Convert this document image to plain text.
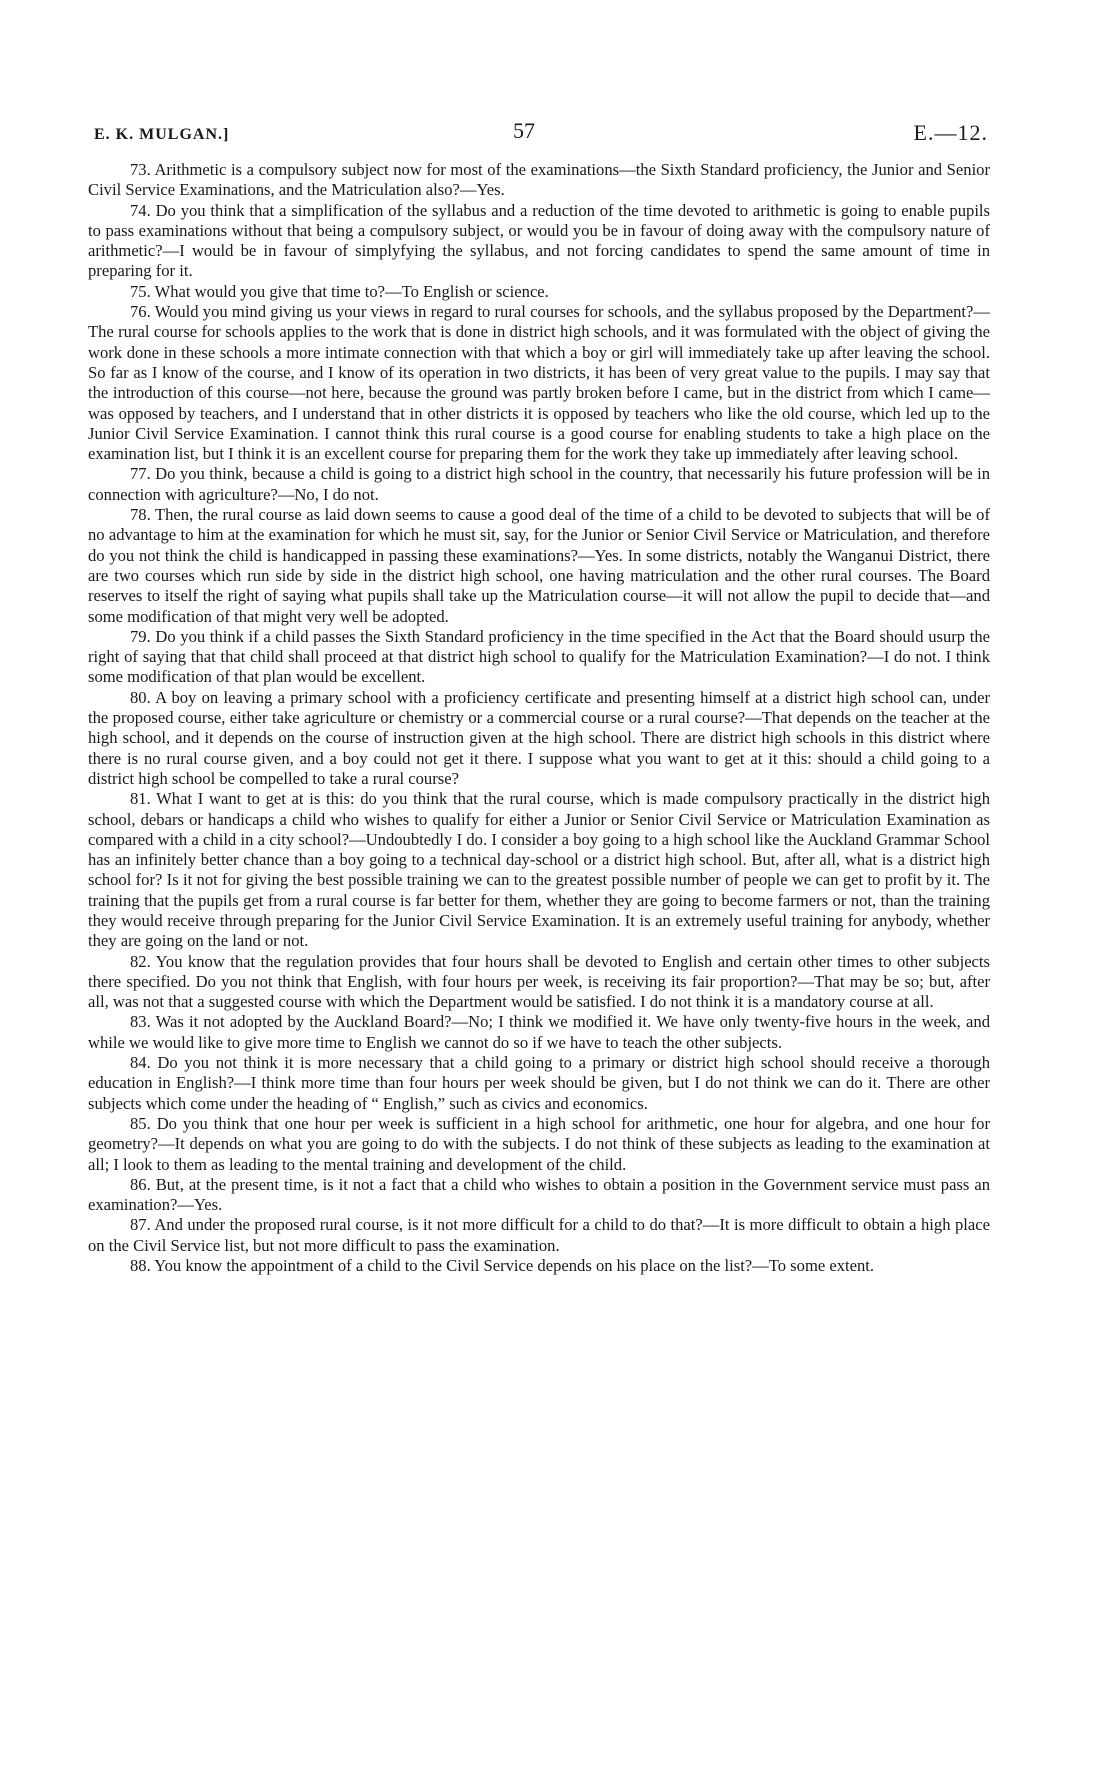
E. K. MULGAN.]	57	E.—12.

73. Arithmetic is a compulsory subject now for most of the examinations—the Sixth Standard proficiency, the Junior and Senior Civil Service Examinations, and the Matriculation also?—Yes.

74. Do you think that a simplification of the syllabus and a reduction of the time devoted to arithmetic is going to enable pupils to pass examinations without that being a compulsory subject, or would you be in favour of doing away with the compulsory nature of arithmetic?—I would be in favour of simplyfying the syllabus, and not forcing candidates to spend the same amount of time in preparing for it.

75. What would you give that time to?—To English or science.

76. Would you mind giving us your views in regard to rural courses for schools, and the syllabus proposed by the Department?—The rural course for schools applies to the work that is done in district high schools, and it was formulated with the object of giving the work done in these schools a more intimate connection with that which a boy or girl will immediately take up after leaving the school. So far as I know of the course, and I know of its operation in two districts, it has been of very great value to the pupils. I may say that the introduction of this course—not here, because the ground was partly broken before I came, but in the district from which I came—was opposed by teachers, and I understand that in other districts it is opposed by teachers who like the old course, which led up to the Junior Civil Service Examination. I cannot think this rural course is a good course for enabling students to take a high place on the examination list, but I think it is an excellent course for preparing them for the work they take up immediately after leaving school.

77. Do you think, because a child is going to a district high school in the country, that necessarily his future profession will be in connection with agriculture?—No, I do not.

78. Then, the rural course as laid down seems to cause a good deal of the time of a child to be devoted to subjects that will be of no advantage to him at the examination for which he must sit, say, for the Junior or Senior Civil Service or Matriculation, and therefore do you not think the child is handicapped in passing these examinations?—Yes. In some districts, notably the Wanganui District, there are two courses which run side by side in the district high school, one having matriculation and the other rural courses. The Board reserves to itself the right of saying what pupils shall take up the Matriculation course—it will not allow the pupil to decide that—and some modification of that might very well be adopted.

79. Do you think if a child passes the Sixth Standard proficiency in the time specified in the Act that the Board should usurp the right of saying that that child shall proceed at that district high school to qualify for the Matriculation Examination?—I do not. I think some modification of that plan would be excellent.

80. A boy on leaving a primary school with a proficiency certificate and presenting himself at a district high school can, under the proposed course, either take agriculture or chemistry or a commercial course or a rural course?—That depends on the teacher at the high school, and it depends on the course of instruction given at the high school. There are district high schools in this district where there is no rural course given, and a boy could not get it there. I suppose what you want to get at it this: should a child going to a district high school be compelled to take a rural course?

81. What I want to get at is this: do you think that the rural course, which is made compulsory practically in the district high school, debars or handicaps a child who wishes to qualify for either a Junior or Senior Civil Service or Matriculation Examination as compared with a child in a city school?—Undoubtedly I do. I consider a boy going to a high school like the Auckland Grammar School has an infinitely better chance than a boy going to a technical day-school or a district high school. But, after all, what is a district high school for? Is it not for giving the best possible training we can to the greatest possible number of people we can get to profit by it. The training that the pupils get from a rural course is far better for them, whether they are going to become farmers or not, than the training they would receive through preparing for the Junior Civil Service Examination. It is an extremely useful training for anybody, whether they are going on the land or not.

82. You know that the regulation provides that four hours shall be devoted to English and certain other times to other subjects there specified. Do you not think that English, with four hours per week, is receiving its fair proportion?—That may be so; but, after all, was not that a suggested course with which the Department would be satisfied. I do not think it is a mandatory course at all.

83. Was it not adopted by the Auckland Board?—No; I think we modified it. We have only twenty-five hours in the week, and while we would like to give more time to English we cannot do so if we have to teach the other subjects.

84. Do you not think it is more necessary that a child going to a primary or district high school should receive a thorough education in English?—I think more time than four hours per week should be given, but I do not think we can do it. There are other subjects which come under the heading of “ English,” such as civics and economics.

85. Do you think that one hour per week is sufficient in a high school for arithmetic, one hour for algebra, and one hour for geometry?—It depends on what you are going to do with the subjects. I do not think of these subjects as leading to the examination at all; I look to them as leading to the mental training and development of the child.

86. But, at the present time, is it not a fact that a child who wishes to obtain a position in the Government service must pass an examination?—Yes.

87. And under the proposed rural course, is it not more difficult for a child to do that?—It is more difficult to obtain a high place on the Civil Service list, but not more difficult to pass the examination.

88. You know the appointment of a child to the Civil Service depends on his place on the list?—To some extent.
